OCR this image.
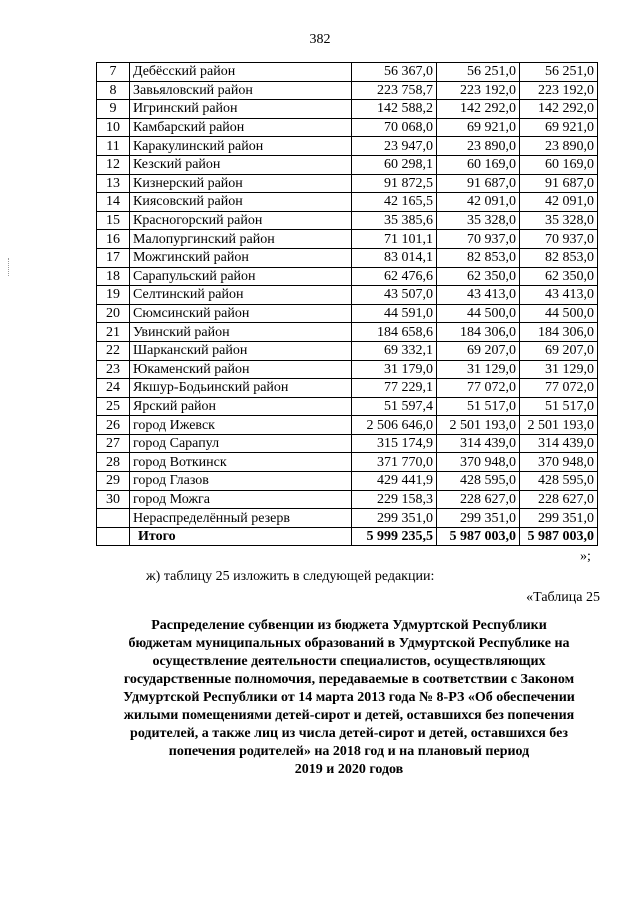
382
7	Дебёсский район	56 367,0	56 251,0	56 251,0
8	Завьяловский район	223 758,7	223 192,0	223 192,0
9	Игринский район	142 588,2	142 292,0	142 292,0
10	Камбарский район	70 068,0	69 921,0	69 921,0
11	Каракулинский район	23 947,0	23 890,0	23 890,0
12	Кезский район	60 298,1	60 169,0	60 169,0
13	Кизнерский район	91 872,5	91 687,0	91 687,0
14	Киясовский район	42 165,5	42 091,0	42 091,0
15	Красногорский район	35 385,6	35 328,0	35 328,0
16	Малопургинский район	71 101,1	70 937,0	70 937,0
17	Можгинский район	83 014,1	82 853,0	82 853,0
18	Сарапульский район	62 476,6	62 350,0	62 350,0
19	Селтинский район	43 507,0	43 413,0	43 413,0
20	Сюмсинский район	44 591,0	44 500,0	44 500,0
21	Увинский район	184 658,6	184 306,0	184 306,0
22	Шарканский район	69 332,1	69 207,0	69 207,0
23	Юкаменский район	31 179,0	31 129,0	31 129,0
24	Якшур-Бодьинский район	77 229,1	77 072,0	77 072,0
25	Ярский район	51 597,4	51 517,0	51 517,0
26	город Ижевск	2 506 646,0	2 501 193,0	2 501 193,0
27	город Сарапул	315 174,9	314 439,0	314 439,0
28	город Воткинск	371 770,0	370 948,0	370 948,0
29	город Глазов	429 441,9	428 595,0	428 595,0
30	город Можга	229 158,3	228 627,0	228 627,0
	Нераспределённый резерв	299 351,0	299 351,0	299 351,0
	Итого	5 999 235,5	5 987 003,0	5 987 003,0
»;
ж) таблицу 25 изложить в следующей редакции:
«Таблица 25
Распределение субвенции из бюджета Удмуртской Республики
бюджетам муниципальных образований в Удмуртской Республике на
осуществление деятельности специалистов, осуществляющих
государственные полномочия, передаваемые в соответствии с Законом
Удмуртской Республики от 14 марта 2013 года № 8-РЗ «Об обеспечении
жилыми помещениями детей-сирот и детей, оставшихся без попечения
родителей, а также лиц из числа детей-сирот и детей, оставшихся без
попечения родителей» на 2018 год и на плановый период
2019 и 2020 годов
